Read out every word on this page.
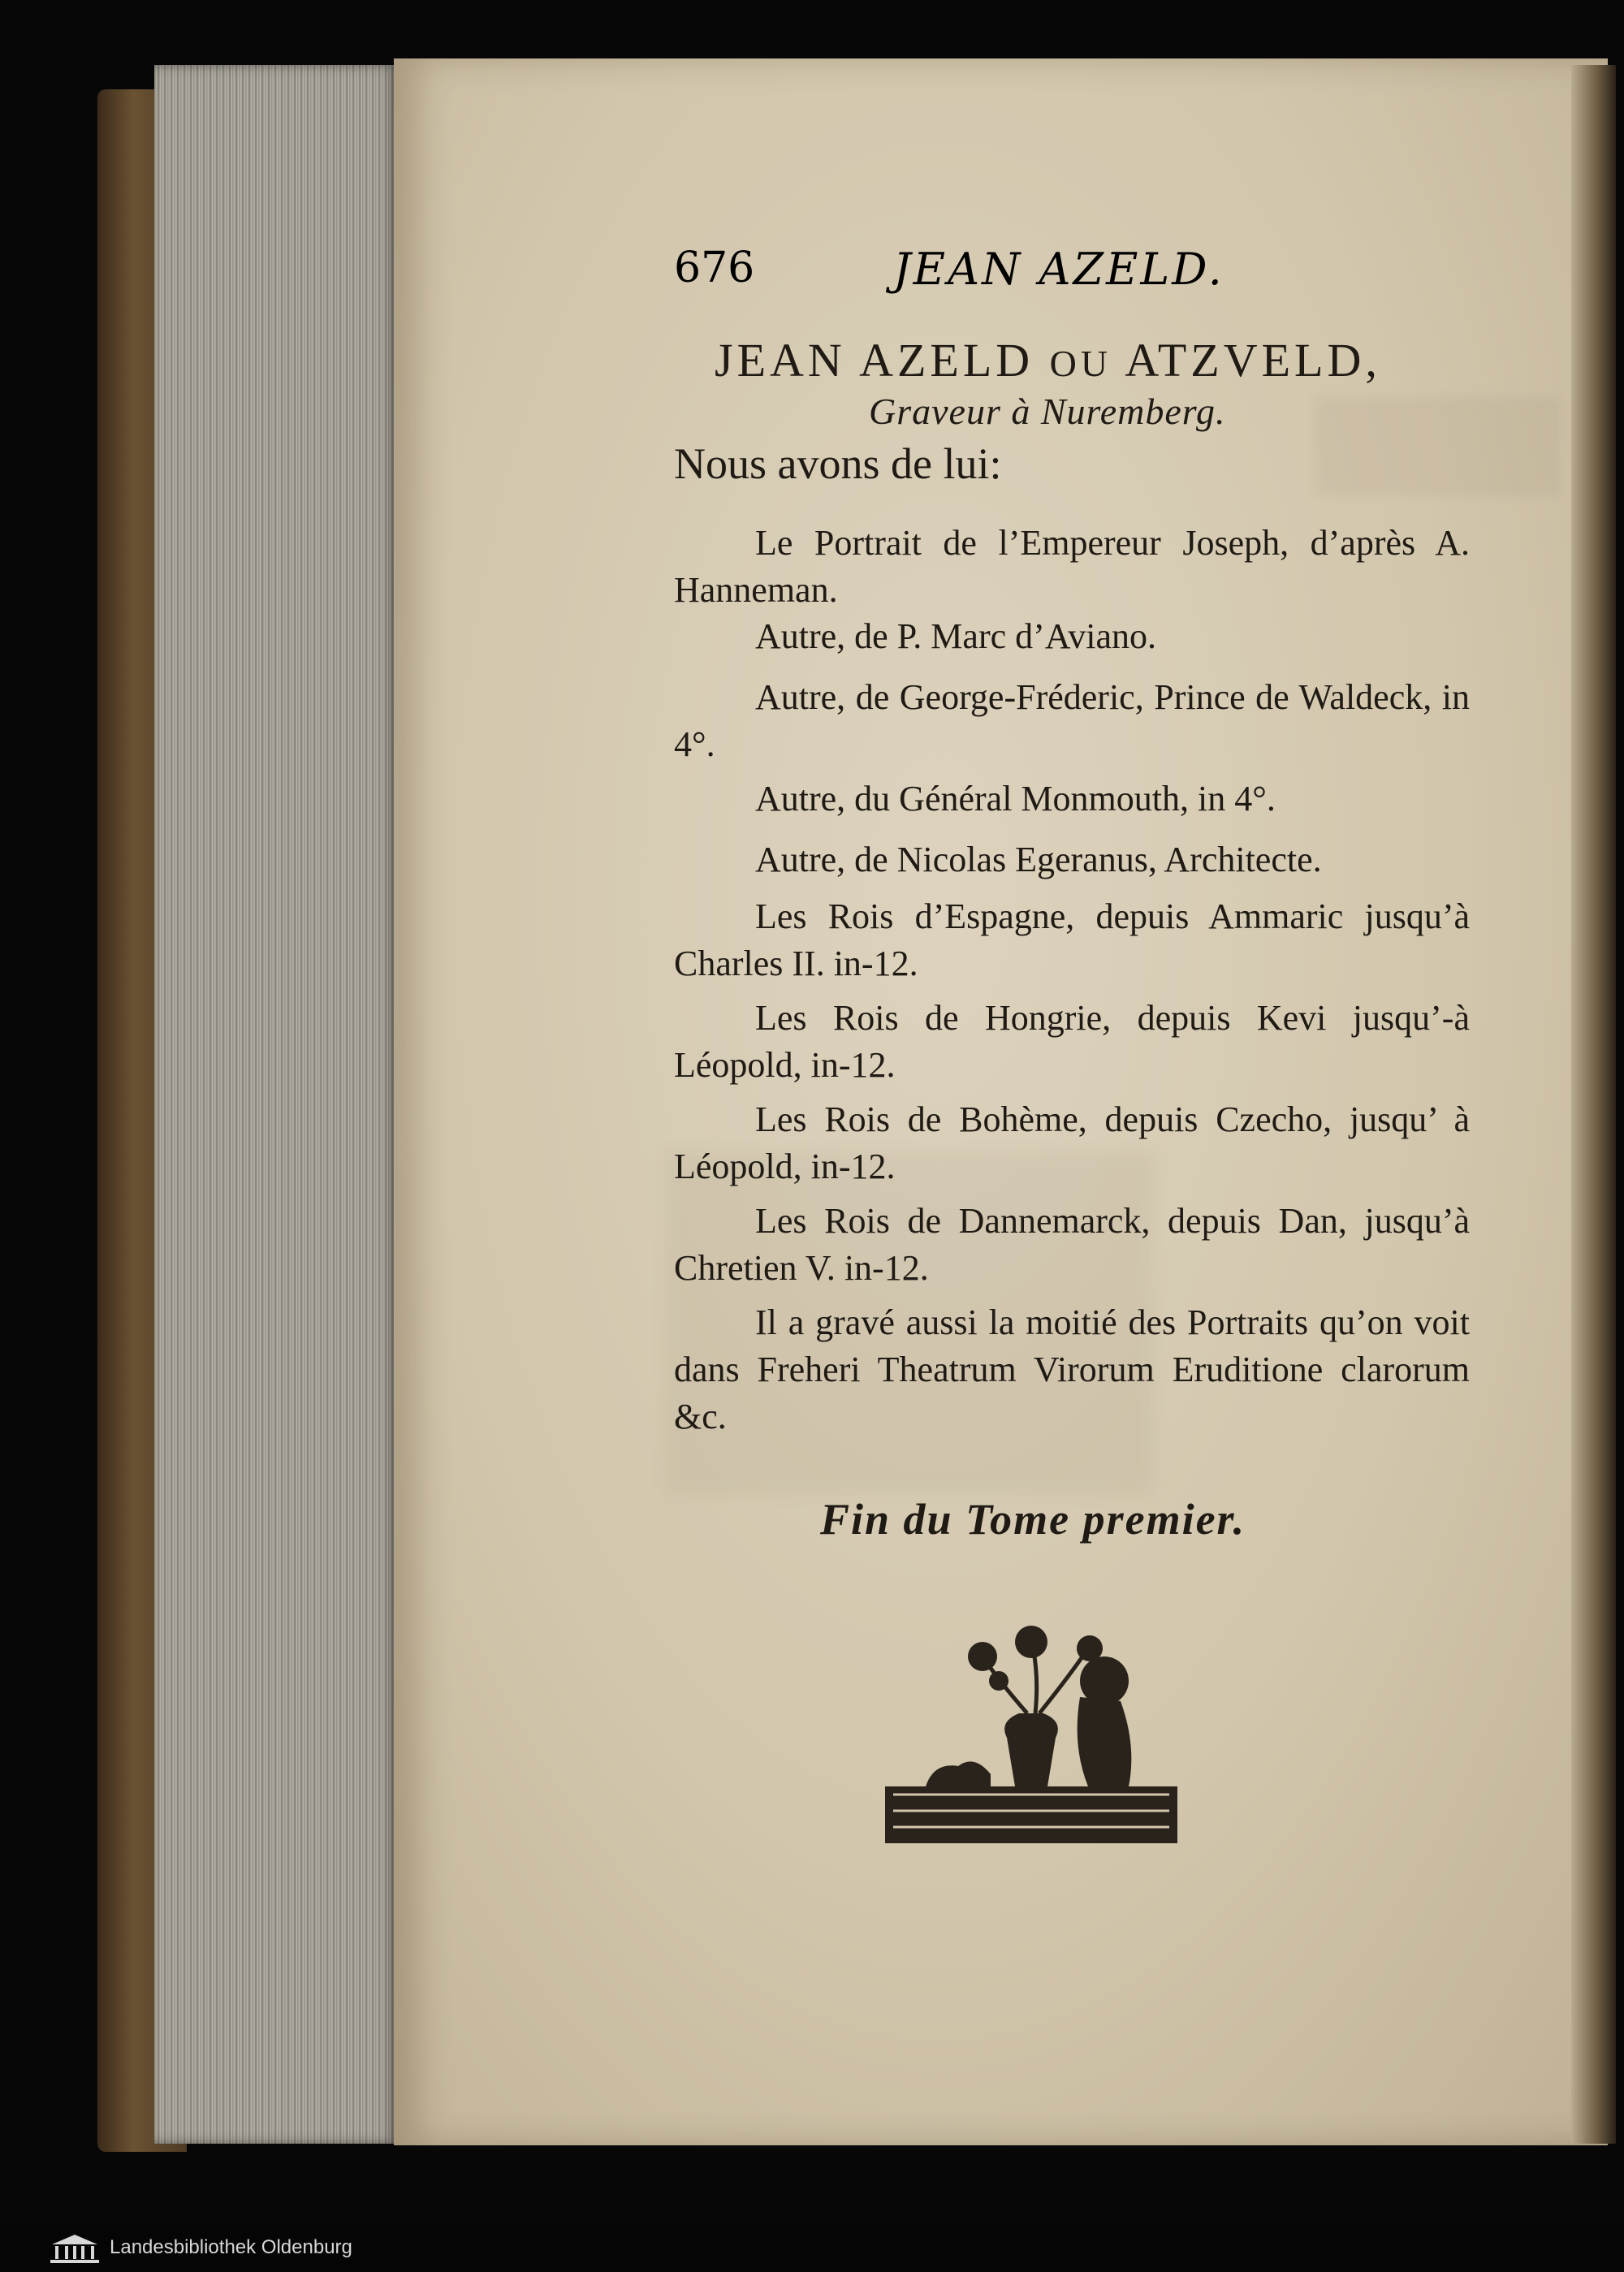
676	JEAN AZELD.
JEAN AZELD OU ATZVELD,
Graveur à Nuremberg.
Nous avons de lui:
Le Portrait de l’Empereur Joseph, d’après A. Hanneman.
Autre, de P. Marc d’Aviano.
Autre, de George-Fréderic, Prince de Waldeck, in 4°.
Autre, du Général Monmouth, in 4°.
Autre, de Nicolas Egeranus, Architecte.
Les Rois d’Espagne, depuis Ammaric jusqu’à Charles II. in-12.
Les Rois de Hongrie, depuis Kevi jusqu’-à Léopold, in-12.
Les Rois de Bohème, depuis Czecho, jusqu’ à Léopold, in-12.
Les Rois de Dannemarck, depuis Dan, jusqu’à Chretien V. in-12.
Il a gravé aussi la moitié des Portraits qu’on voit dans Freheri Theatrum Virorum Eruditione clarorum &c.
Fin du Tome premier.
Landesbibliothek Oldenburg
